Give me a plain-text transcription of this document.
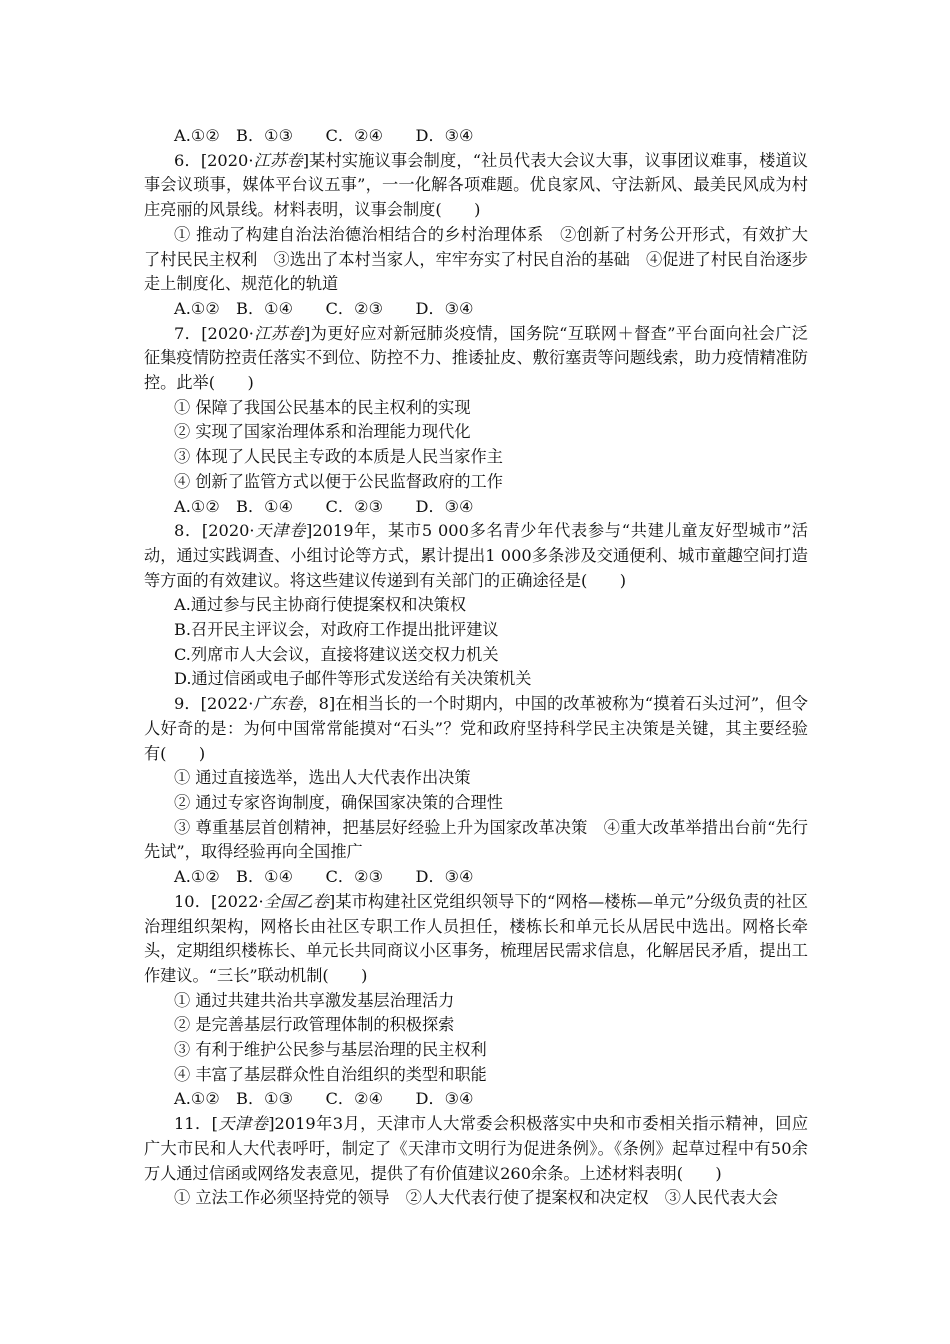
A.①②　B．①③　　C．②④　　D．③④
6．[2020·江苏卷]某村实施议事会制度，“社员代表大会议大事，议事团议难事，楼道议事会议琐事，媒体平台议五事”，一一化解各项难题。优良家风、守法新风、最美民风成为村庄亮丽的风景线。材料表明，议事会制度(　　)
① 推动了构建自治法治德治相结合的乡村治理体系　②创新了村务公开形式，有效扩大了村民民主权利　③选出了本村当家人，牢牢夯实了村民自治的基础　④促进了村民自治逐步走上制度化、规范化的轨道
A.①②　B．①④　　C．②③　　D．③④
7．[2020·江苏卷]为更好应对新冠肺炎疫情，国务院“互联网＋督查”平台面向社会广泛征集疫情防控责任落实不到位、防控不力、推诿扯皮、敷衍塞责等问题线索，助力疫情精准防控。此举(　　)
① 保障了我国公民基本的民主权利的实现
② 实现了国家治理体系和治理能力现代化
③ 体现了人民民主专政的本质是人民当家作主
④ 创新了监管方式以便于公民监督政府的工作
A.①②　B．①④　　C．②③　　D．③④
8．[2020·天津卷]2019年，某市5 000多名青少年代表参与“共建儿童友好型城市”活动，通过实践调查、小组讨论等方式，累计提出1 000多条涉及交通便利、城市童趣空间打造等方面的有效建议。将这些建议传递到有关部门的正确途径是(　　)
A.通过参与民主协商行使提案权和决策权
B.召开民主评议会，对政府工作提出批评建议
C.列席市人大会议，直接将建议送交权力机关
D.通过信函或电子邮件等形式发送给有关决策机关
9．[2022·广东卷，8]在相当长的一个时期内，中国的改革被称为“摸着石头过河”，但令人好奇的是：为何中国常常能摸对“石头”？党和政府坚持科学民主决策是关键，其主要经验有(　　)
① 通过直接选举，选出人大代表作出决策
② 通过专家咨询制度，确保国家决策的合理性
③ 尊重基层首创精神，把基层好经验上升为国家改革决策　④重大改革举措出台前“先行先试”，取得经验再向全国推广
A.①②　B．①④　　C．②③　　D．③④
10．[2022·全国乙卷]某市构建社区党组织领导下的“网格—楼栋—单元”分级负责的社区治理组织架构，网格长由社区专职工作人员担任，楼栋长和单元长从居民中选出。网格长牵头，定期组织楼栋长、单元长共同商议小区事务，梳理居民需求信息，化解居民矛盾，提出工作建议。“三长”联动机制(　　)
① 通过共建共治共享激发基层治理活力
② 是完善基层行政管理体制的积极探索
③ 有利于维护公民参与基层治理的民主权利
④ 丰富了基层群众性自治组织的类型和职能
A.①②　B．①③　　C．②④　　D．③④
11．[天津卷]2019年3月，天津市人大常委会积极落实中央和市委相关指示精神，回应广大市民和人大代表呼吁，制定了《天津市文明行为促进条例》。《条例》起草过程中有50余万人通过信函或网络发表意见，提供了有价值建议260余条。上述材料表明(　　)
① 立法工作必须坚持党的领导　②人大代表行使了提案权和决定权　③人民代表大会
